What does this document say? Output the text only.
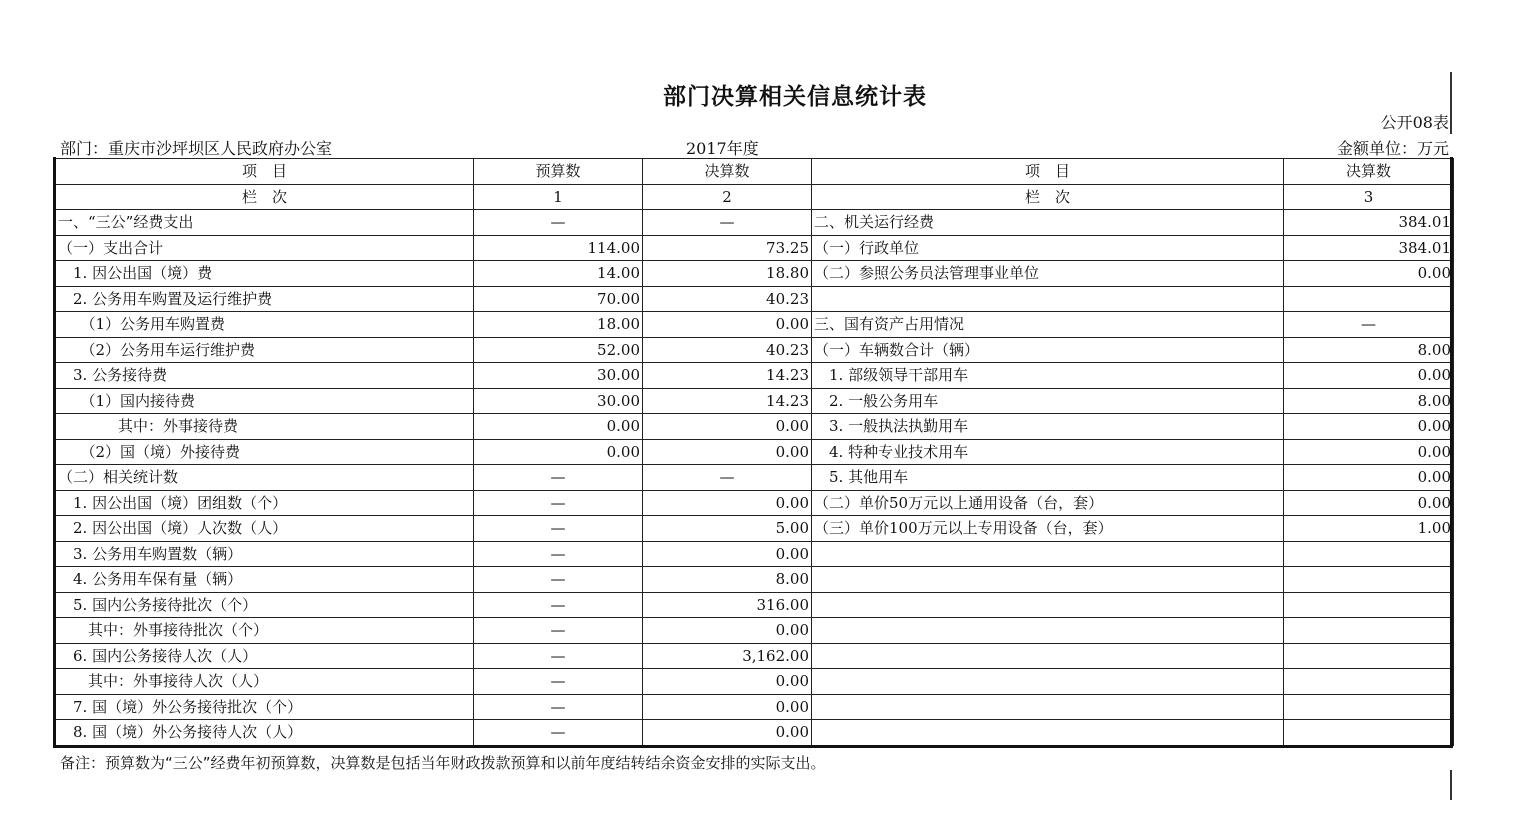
部门决算相关信息统计表
公开08表
部门：重庆市沙坪坝区人民政府办公室	2017年度	金额单位：万元
项　目	预算数	决算数	项　目	决算数
栏　次	1	2	栏　次	3
一、“三公”经费支出	—	—	二、机关运行经费	384.01
（一）支出合计	114.00	73.25	（一）行政单位	384.01
　1. 因公出国（境）费	14.00	18.80	（二）参照公务员法管理事业单位	0.00
　2. 公务用车购置及运行维护费	70.00	40.23		
　　（1）公务用车购置费	18.00	0.00	三、国有资产占用情况	—
　　（2）公务用车运行维护费	52.00	40.23	（一）车辆数合计（辆）	8.00
　3. 公务接待费	30.00	14.23	　1. 部级领导干部用车	0.00
　　（1）国内接待费	30.00	14.23	　2. 一般公务用车	8.00
　　　　其中：外事接待费	0.00	0.00	　3. 一般执法执勤用车	0.00
　　（2）国（境）外接待费	0.00	0.00	　4. 特种专业技术用车	0.00
（二）相关统计数	—	—	　5. 其他用车	0.00
　1. 因公出国（境）团组数（个）	—	0.00	（二）单价50万元以上通用设备（台，套）	0.00
　2. 因公出国（境）人次数（人）	—	5.00	（三）单价100万元以上专用设备（台，套）	1.00
　3. 公务用车购置数（辆）	—	0.00		
　4. 公务用车保有量（辆）	—	8.00		
　5. 国内公务接待批次（个）	—	316.00		
　　其中：外事接待批次（个）	—	0.00		
　6. 国内公务接待人次（人）	—	3,162.00		
　　其中：外事接待人次（人）	—	0.00		
　7. 国（境）外公务接待批次（个）	—	0.00		
　8. 国（境）外公务接待人次（人）	—	0.00		
备注：预算数为“三公”经费年初预算数，决算数是包括当年财政拨款预算和以前年度结转结余资金安排的实际支出。
